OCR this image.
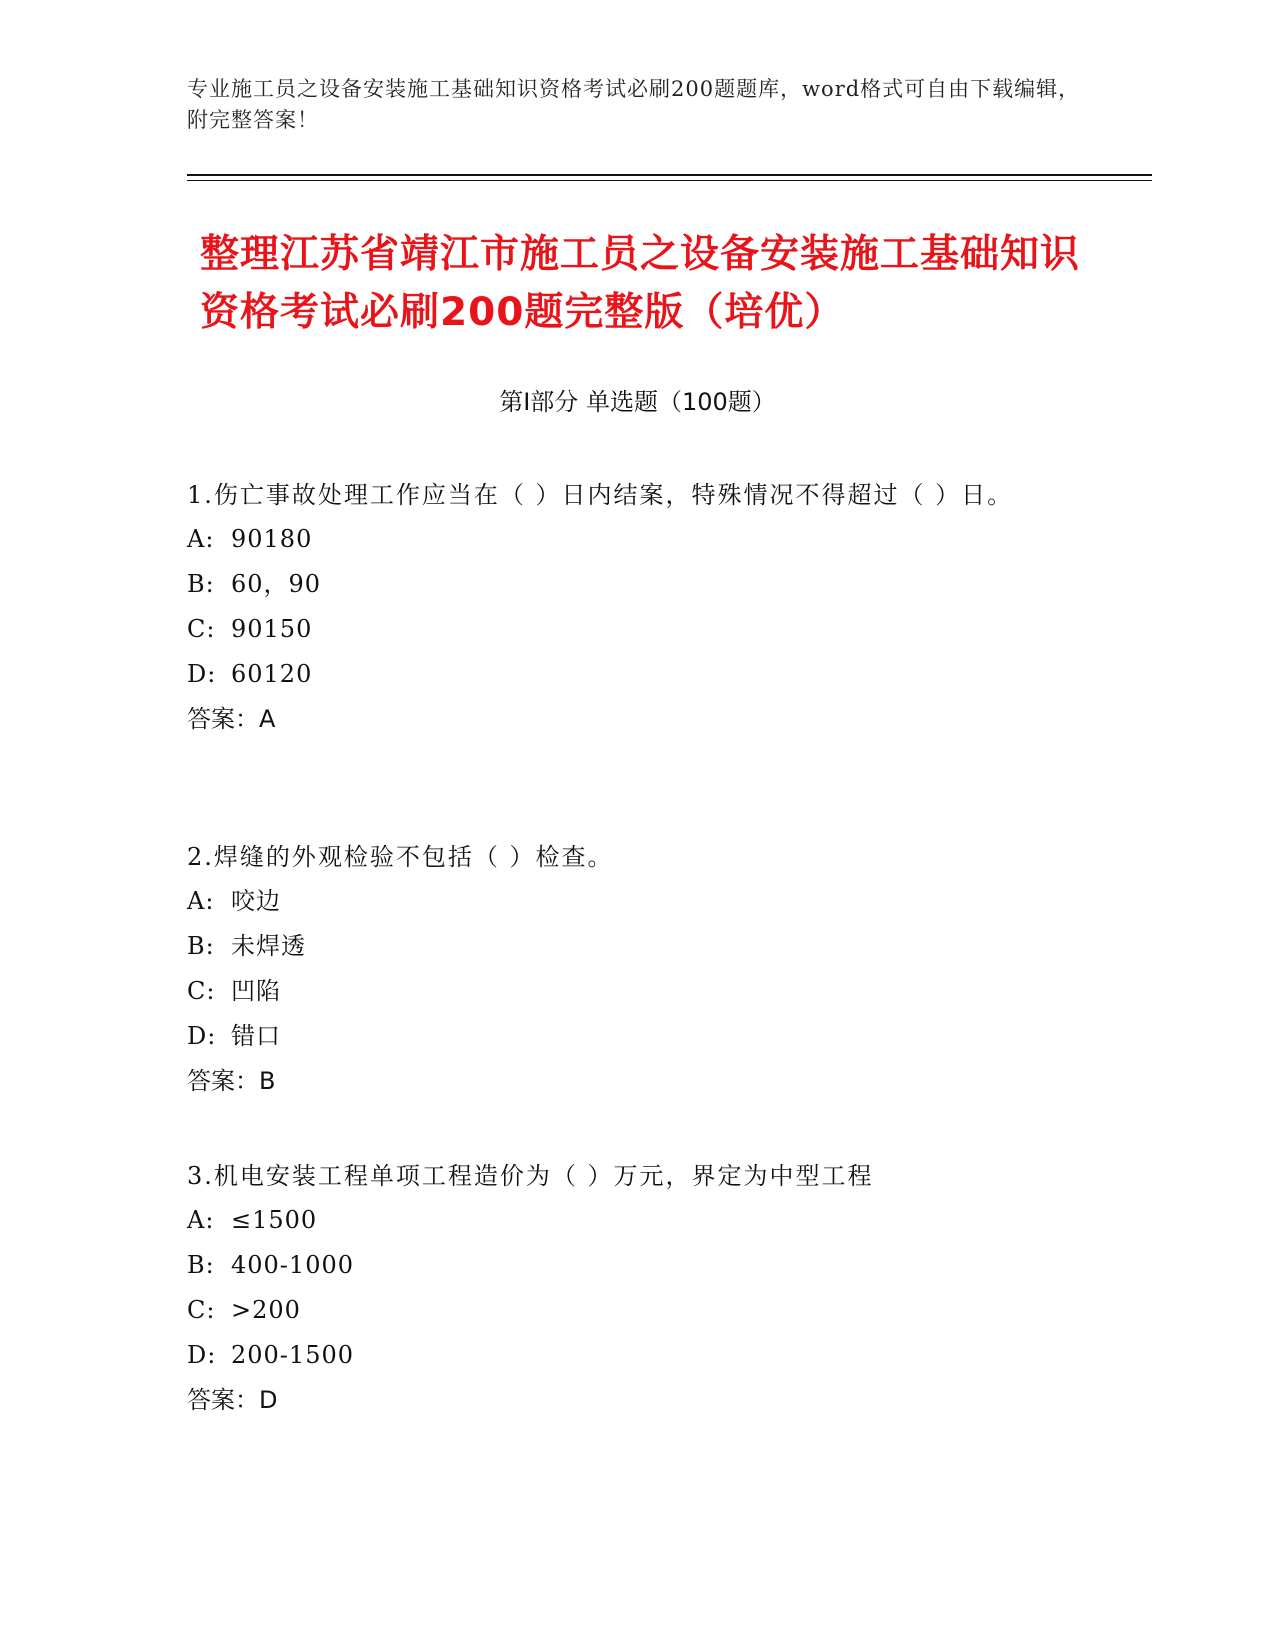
专业施工员之设备安装施工基础知识资格考试必刷200题题库，word格式可自由下载编辑，附完整答案！
整理江苏省靖江市施工员之设备安装施工基础知识资格考试必刷200题完整版（培优）
第I部分 单选题（100题）

1.伤亡事故处理工作应当在（ ）日内结案，特殊情况不得超过（ ）日。

A: 90180

B: 60，90

C: 90150

D: 60120

答案：A

2.焊缝的外观检验不包括（ ）检查。

A: 咬边

B: 未焊透

C: 凹陷

D: 错口

答案：B

3.机电安装工程单项工程造价为（ ）万元，界定为中型工程

A: ≤1500

B: 400-1000

C: >200

D: 200-1500

答案：D
